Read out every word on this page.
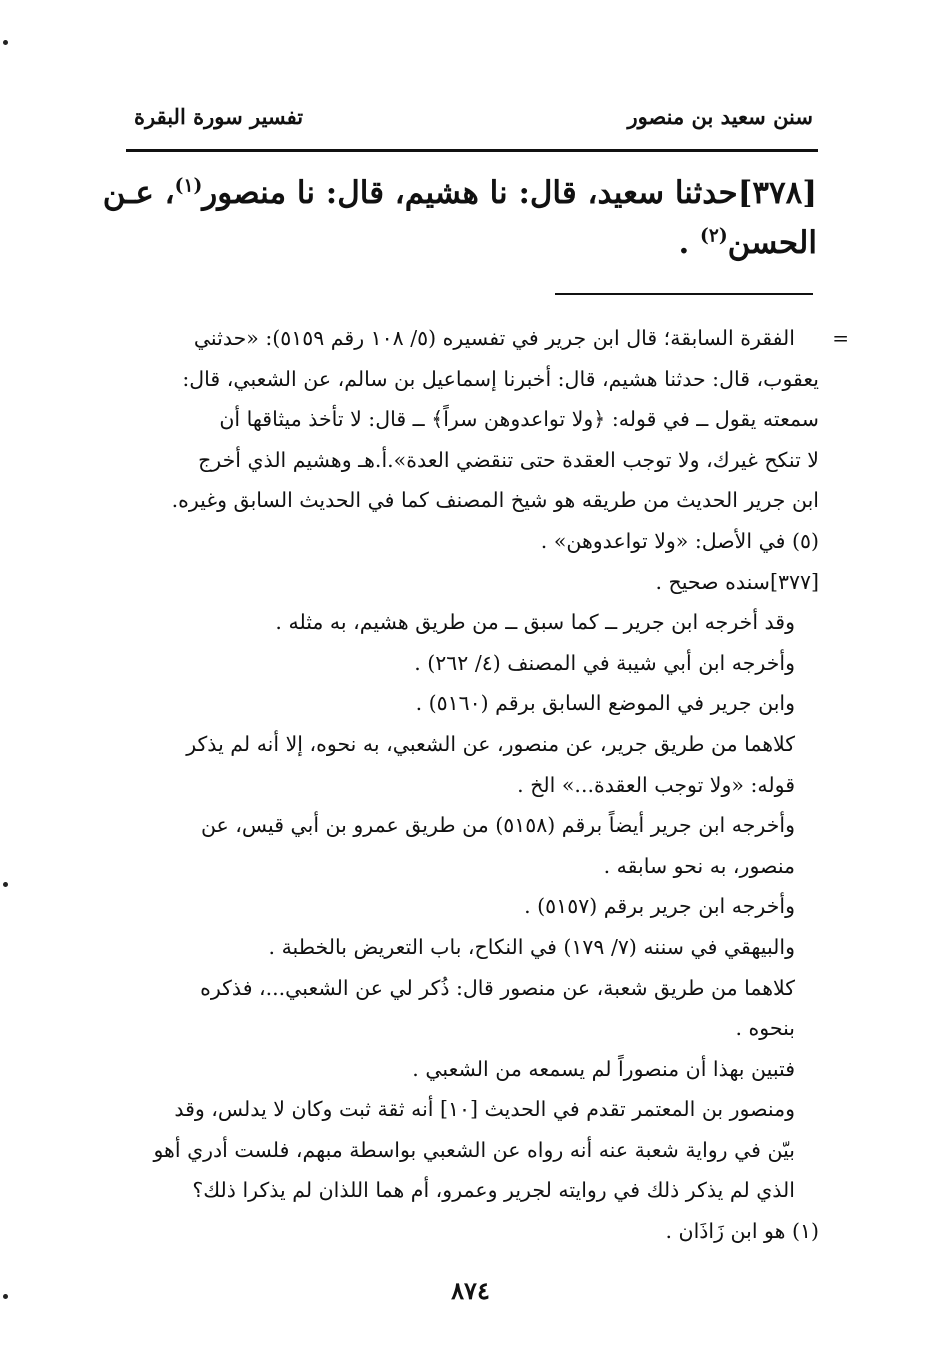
سنن سعيد بن منصور
تفسير سورة البقرة
[٣٧٨]حدثنا سعيد، قال: نا هشيم، قال: نا منصور$^{(١)}$، عـن
الحسن$^{(٢)}$ .
=
الفقرة السابقة؛ قال ابن جرير في تفسيره (٥/ ١٠٨ رقم ٥١٥٩): «حدثني
يعقوب، قال: حدثنا هشيم، قال: أخبرنا إسماعيل بن سالم، عن الشعبي، قال:
سمعته يقول ــ في قوله: ﴿ولا تواعدوهن سراً﴾ ــ قال: لا تأخذ ميثاقها أن
لا تنكح غيرك، ولا توجب العقدة حتى تنقضي العدة».أ.هـ وهشيم الذي أخرج
ابن جرير الحديث من طريقه هو شيخ المصنف كما في الحديث السابق وغيره.
(٥) في الأصل: «ولا تواعدوهن» .
[٣٧٧]سنده صحيح .
وقد أخرجه ابن جرير ــ كما سبق ــ من طريق هشيم، به مثله .
وأخرجه ابن أبي شيبة في المصنف (٤/ ٢٦٢) .
وابن جرير في الموضع السابق برقم (٥١٦٠) .
كلاهما من طريق جرير، عن منصور، عن الشعبي، به نحوه، إلا أنه لم يذكر
قوله: «ولا توجب العقدة...» الخ .
وأخرجه ابن جرير أيضاً برقم (٥١٥٨) من طريق عمرو بن أبي قيس، عن
منصور، به نحو سابقه .
وأخرجه ابن جرير برقم (٥١٥٧) .
والبيهقي في سننه (٧/ ١٧٩) في النكاح، باب التعريض بالخطبة .
كلاهما من طريق شعبة، عن منصور قال: ذُكر لي عن الشعبي...، فذكره
بنحوه .
فتبين بهذا أن منصوراً لم يسمعه من الشعبي .
ومنصور بن المعتمر تقدم في الحديث [١٠] أنه ثقة ثبت وكان لا يدلس، وقد
بيّن في رواية شعبة عنه أنه رواه عن الشعبي بواسطة مبهم، فلست أدري أهو
الذي لم يذكر ذلك في روايته لجرير وعمرو، أم هما اللذان لم يذكرا ذلك؟
(١) هو ابن زَاذَان .
٨٧٤
